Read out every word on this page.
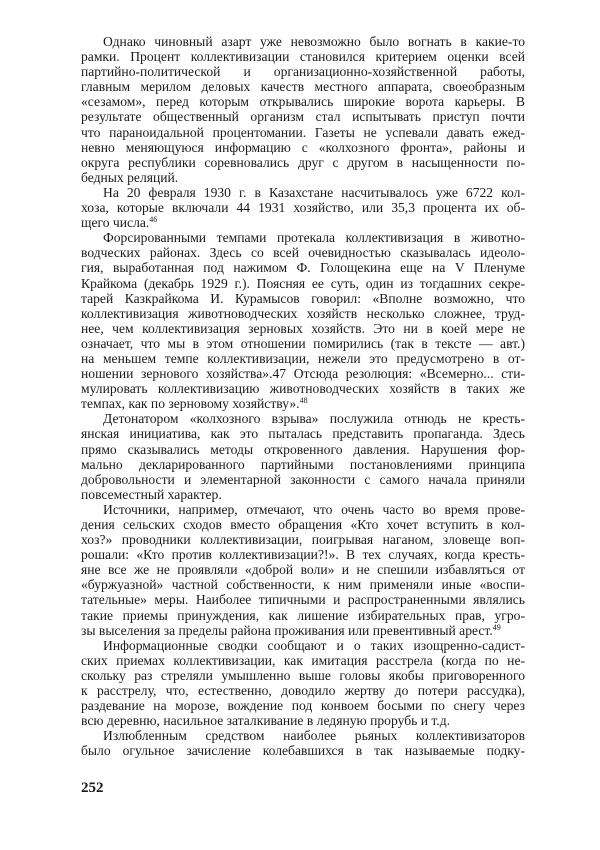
Однако чиновный азарт уже невозможно было вогнать в какие-то
рамки. Процент коллективизации становился критерием оценки всей
партийно-политической и организационно-хозяйственной работы,
главным мерилом деловых качеств местного аппарата, своеобразным
«сезамом», перед которым открывались широкие ворота карьеры. В
результате общественный организм стал испытывать приступ почти
что параноидальной процентомании. Газеты не успевали давать ежед-
невно меняющуюся информацию с «колхозного фронта», районы и
округа республики соревновались друг с другом в насыщенности по-
бедных реляций.
На 20 февраля 1930 г. в Казахстане насчитывалось уже 6722 кол-
хоза, которые включали 44 1931 хозяйство, или 35,3 процента их об-
щего числа.$^{46}$
Форсированными темпами протекала коллективизация в животно-
водческих районах. Здесь со всей очевидностью сказывалась идеоло-
гия, выработанная под нажимом Ф. Голощекина еще на V Пленуме
Крайкома (декабрь 1929 г.). Поясняя ее суть, один из тогдашних секре-
тарей Казкрайкома И. Курамысов говорил: «Вполне возможно, что
коллективизация животноводческих хозяйств несколько сложнее, труд-
нее, чем коллективизация зерновых хозяйств. Это ни в коей мере не
означает, что мы в этом отношении помирились (так в тексте — авт.)
на меньшем темпе коллективизации, нежели это предусмотрено в от-
ношении зернового хозяйства».47 Отсюда резолюция: «Всемерно... сти-
мулировать коллективизацию животноводческих хозяйств в таких же
темпах, как по зерновому хозяйству».$^{48}$
Детонатором «колхозного взрыва» послужила отнюдь не кресть-
янская инициатива, как это пыталась представить пропаганда. Здесь
прямо сказывались методы откровенного давления. Нарушения фор-
мально декларированного партийными постановлениями принципа
добровольности и элементарной законности с самого начала приняли
повсеместный характер.
Источники, например, отмечают, что очень часто во время прове-
дения сельских сходов вместо обращения «Кто хочет вступить в кол-
хоз?» проводники коллективизации, поигрывая наганом, зловеще воп-
рошали: «Кто против коллективизации?!». В тех случаях, когда кресть-
яне все же не проявляли «доброй воли» и не спешили избавляться от
«буржуазной» частной собственности, к ним применяли иные «воспи-
тательные» меры. Наиболее типичными и распространенными являлись
такие приемы принуждения, как лишение избирательных прав, угро-
зы выселения за пределы района проживания или превентивный арест.$^{49}$
Информационные сводки сообщают и о таких изощренно-садист-
ских приемах коллективизации, как имитация расстрела (когда по не-
скольку раз стреляли умышленно выше головы якобы приговоренного
к расстрелу, что, естественно, доводило жертву до потери рассудка),
раздевание на морозе, вождение под конвоем босыми по снегу через
всю деревню, насильное заталкивание в ледяную прорубь и т.д.
Излюбленным средством наиболее рьяных коллективизаторов
было огульное зачисление колебавшихся в так называемые подку-
252
